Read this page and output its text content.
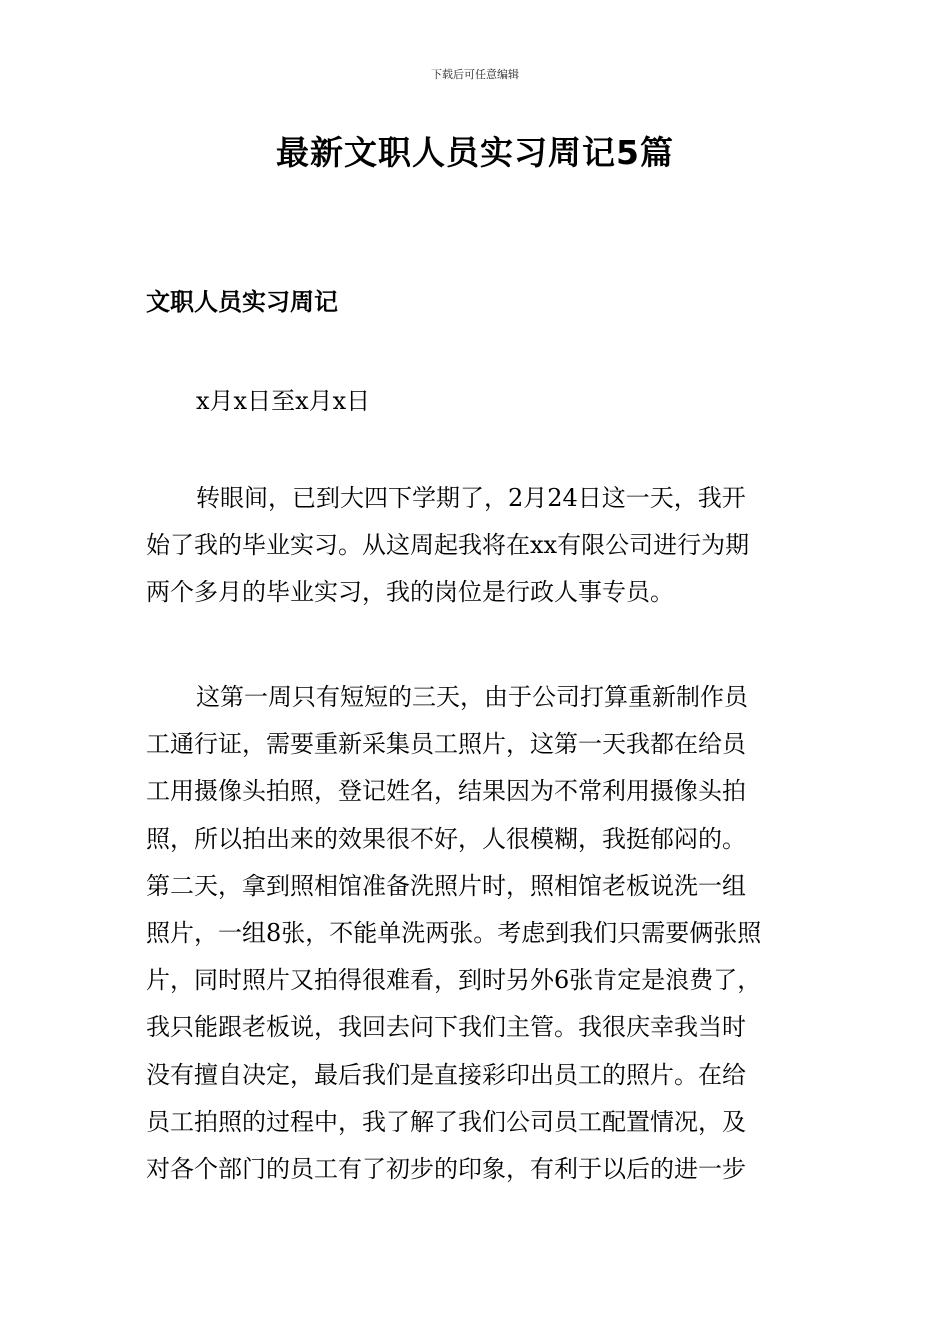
下载后可任意编辑
最新文职人员实习周记5篇
文职人员实习周记
x月x日至x月x日

转眼间，已到大四下学期了，2月24日这一天，我开
始了我的毕业实习。从这周起我将在xx有限公司进行为期
两个多月的毕业实习，我的岗位是行政人事专员。

这第一周只有短短的三天，由于公司打算重新制作员
工通行证，需要重新采集员工照片，这第一天我都在给员
工用摄像头拍照，登记姓名，结果因为不常利用摄像头拍
照，所以拍出来的效果很不好，人很模糊，我挺郁闷的。
第二天，拿到照相馆准备洗照片时，照相馆老板说洗一组
照片，一组8张，不能单洗两张。考虑到我们只需要俩张照
片，同时照片又拍得很难看，到时另外6张肯定是浪费了，
我只能跟老板说，我回去问下我们主管。我很庆幸我当时
没有擅自决定，最后我们是直接彩印出员工的照片。在给
员工拍照的过程中，我了解了我们公司员工配置情况，及
对各个部门的员工有了初步的印象，有利于以后的进一步
